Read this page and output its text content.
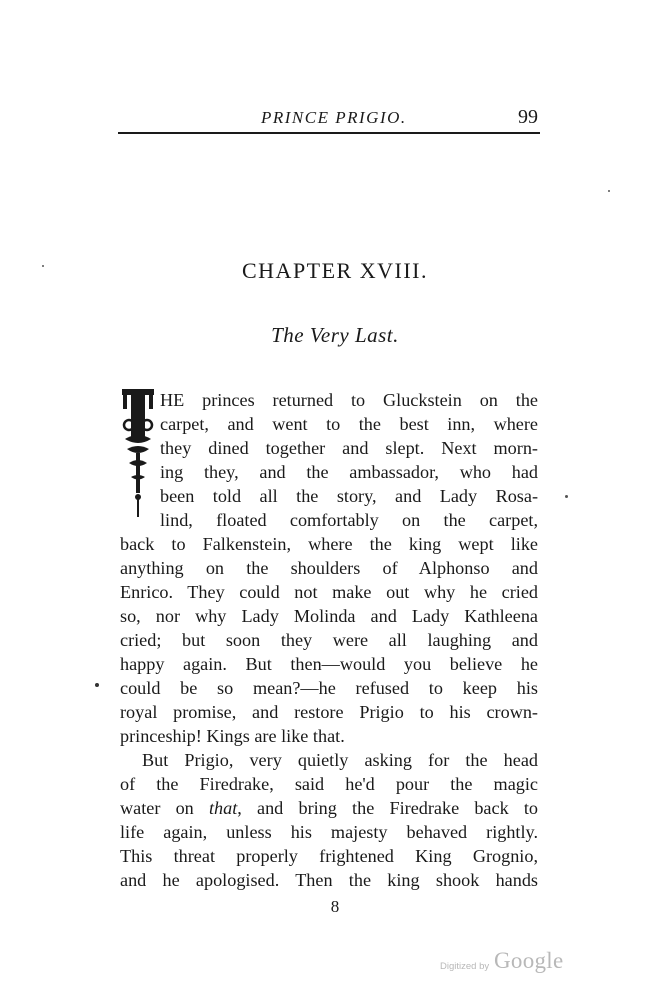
PRINCE PRIGIO.	99
CHAPTER XVIII.
The Very Last.
HE princes returned to Gluckstein on the
carpet, and went to the best inn, where
they dined together and slept. Next morn-
ing they, and the ambassador, who had
been told all the story, and Lady Rosa-
lind, floated comfortably on the carpet,
back to Falkenstein, where the king wept like
anything on the shoulders of Alphonso and
Enrico. They could not make out why he cried
so, nor why Lady Molinda and Lady Kathleena
cried; but soon they were all laughing and
happy again. But then—would you believe he
could be so mean?—he refused to keep his
royal promise, and restore Prigio to his crown-
princeship! Kings are like that.
But Prigio, very quietly asking for the head
of the Firedrake, said he'd pour the magic
water on that, and bring the Firedrake back to
life again, unless his majesty behaved rightly.
This threat properly frightened King Grognio,
and he apologised. Then the king shook hands
8
Digitized by Google
